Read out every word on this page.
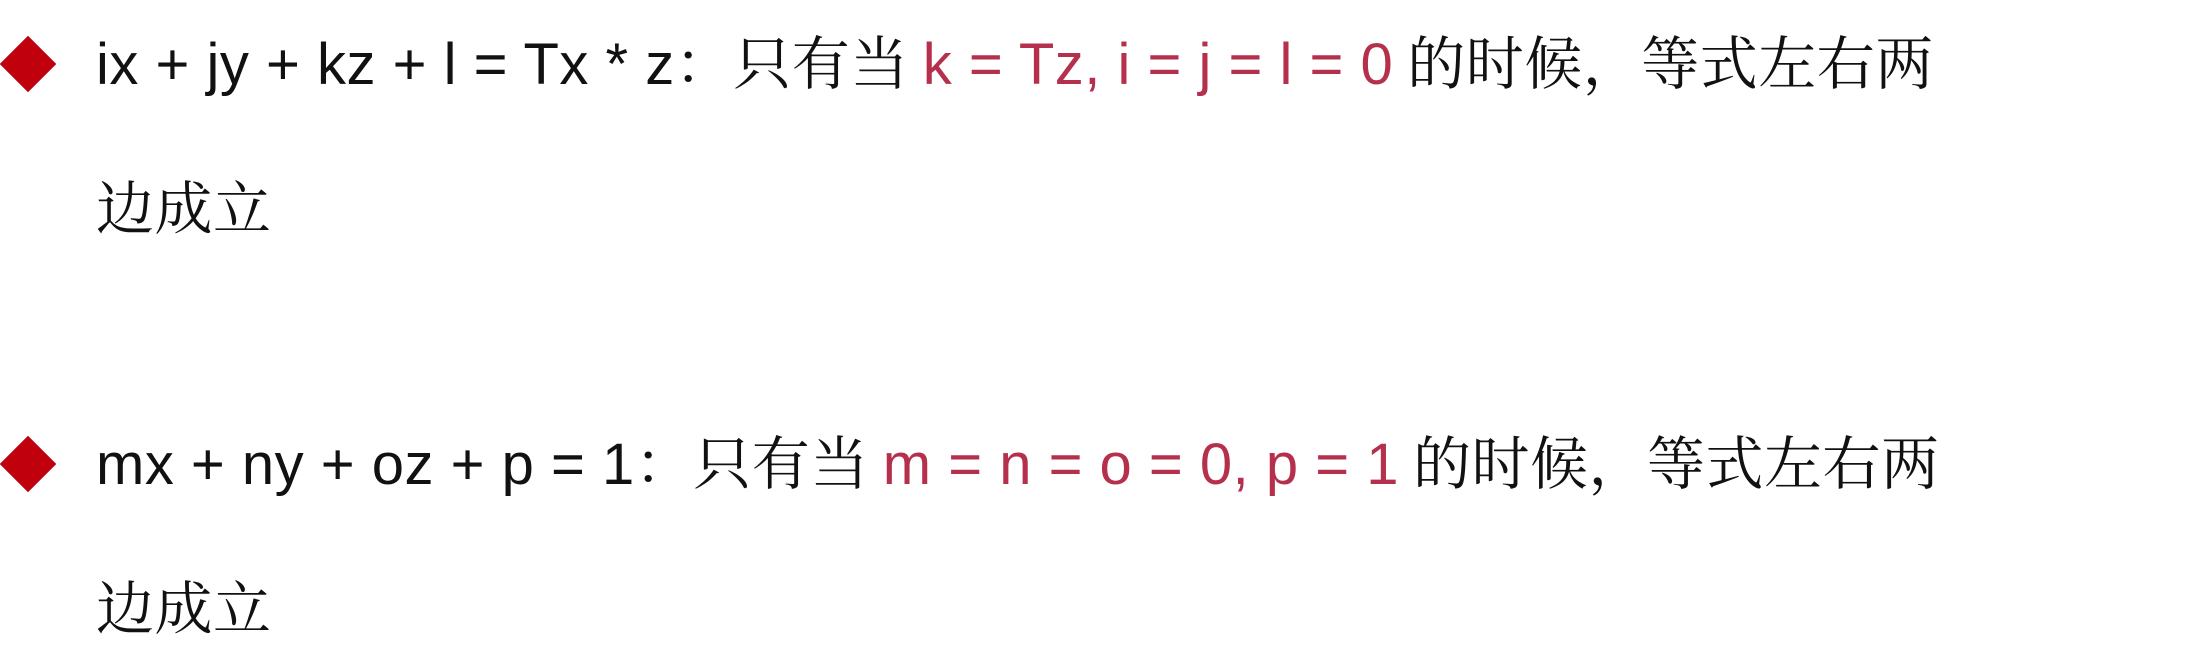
ix + jy + kz + l = Tx * z：只有当 k = Tz, i = j = l = 0 的时候，等式左右两
边成立
mx + ny + oz + p = 1：只有当 m = n = o = 0, p = 1 的时候，等式左右两
边成立
